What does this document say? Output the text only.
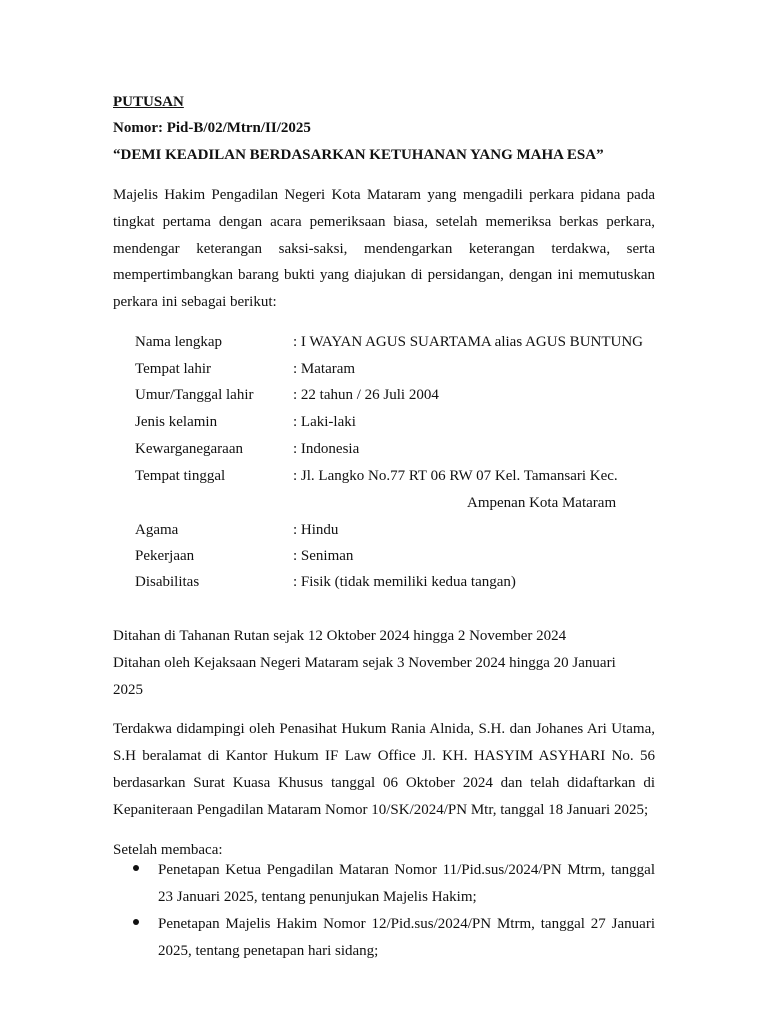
PUTUSAN
Nomor: Pid-B/02/Mtrn/II/2025
“DEMI KEADILAN BERDASARKAN KETUHANAN YANG MAHA ESA”
Majelis Hakim Pengadilan Negeri Kota Mataram yang mengadili perkara pidana pada
tingkat pertama dengan acara pemeriksaan biasa, setelah memeriksa berkas perkara,
mendengar keterangan saksi-saksi, mendengarkan keterangan terdakwa, serta
mempertimbangkan barang bukti yang diajukan di persidangan, dengan ini memutuskan
perkara ini sebagai berikut:
Nama lengkap	: I WAYAN AGUS SUARTAMA alias AGUS BUNTUNG
Tempat lahir	: Mataram
Umur/Tanggal lahir	: 22 tahun / 26 Juli 2004
Jenis kelamin	: Laki-laki
Kewarganegaraan	: Indonesia
Tempat tinggal	: Jl. Langko No.77 RT 06 RW 07 Kel. Tamansari Kec.
Ampenan Kota Mataram
Agama	: Hindu
Pekerjaan	: Seniman
Disabilitas	: Fisik (tidak memiliki kedua tangan)
Ditahan di Tahanan Rutan sejak 12 Oktober 2024 hingga 2 November 2024
Ditahan oleh Kejaksaan Negeri Mataram sejak 3 November 2024 hingga 20 Januari
2025
Terdakwa didampingi oleh Penasihat Hukum Rania Alnida, S.H. dan Johanes Ari Utama,
S.H beralamat di Kantor Hukum IF Law Office Jl. KH. HASYIM ASYHARI No. 56
berdasarkan Surat Kuasa Khusus tanggal 06 Oktober 2024 dan telah didaftarkan di
Kepaniteraan Pengadilan Mataram Nomor 10/SK/2024/PN Mtr, tanggal 18 Januari 2025;
Setelah membaca:
Penetapan Ketua Pengadilan Mataran Nomor 11/Pid.sus/2024/PN Mtrm, tanggal
23 Januari 2025, tentang penunjukan Majelis Hakim;
Penetapan Majelis Hakim Nomor 12/Pid.sus/2024/PN Mtrm, tanggal 27 Januari
2025, tentang penetapan hari sidang;
